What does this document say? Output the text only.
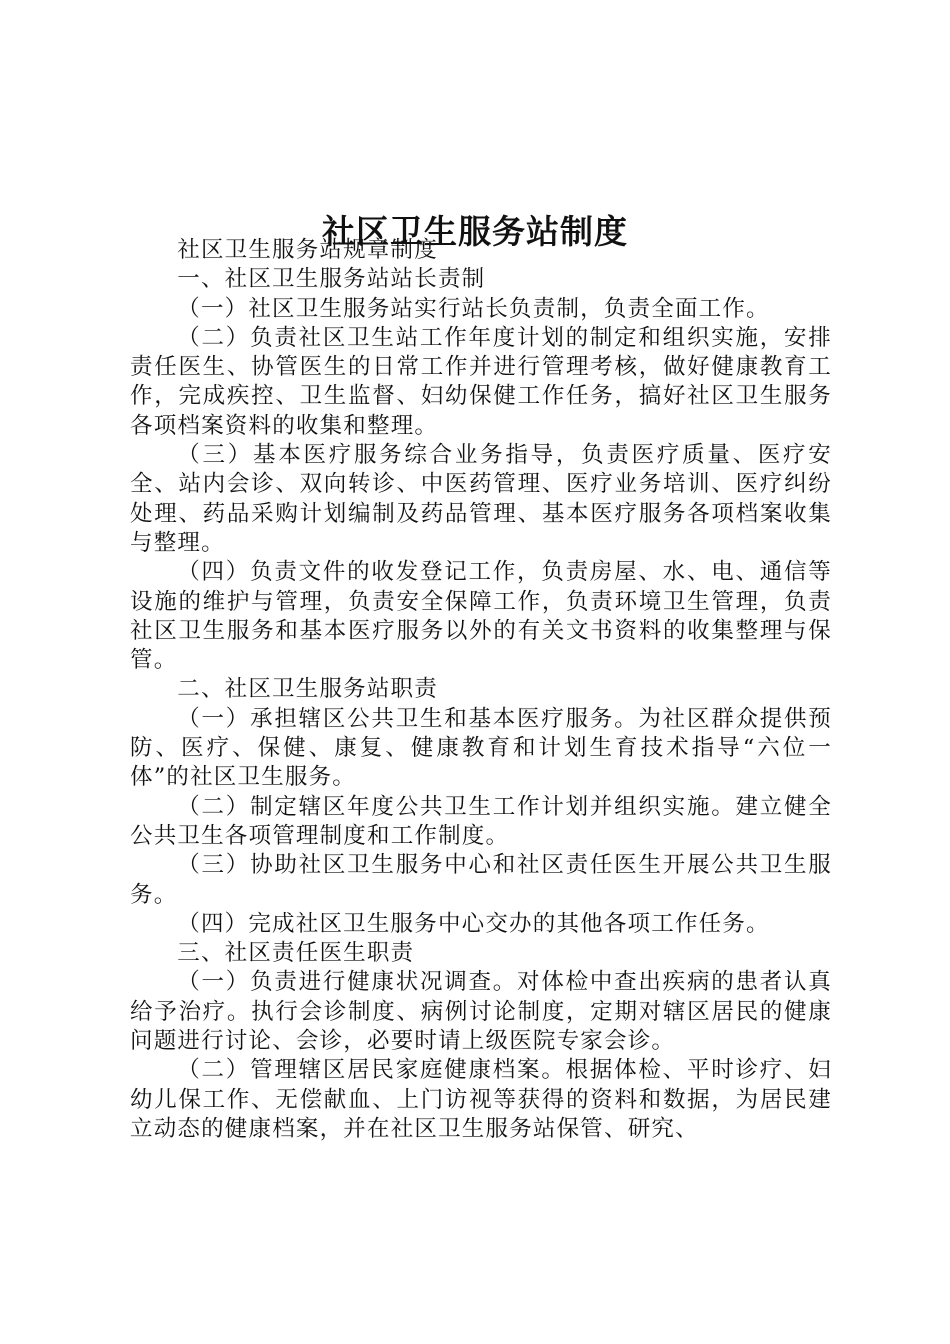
社区卫生服务站制度

社区卫生服务站规章制度

一、社区卫生服务站站长责制

（一）社区卫生服务站实行站长负责制，负责全面工作。

（二）负责社区卫生站工作年度计划的制定和组织实施，安排责任医生、协管医生的日常工作并进行管理考核，做好健康教育工作，完成疾控、卫生监督、妇幼保健工作任务，搞好社区卫生服务各项档案资料的收集和整理。

（三）基本医疗服务综合业务指导，负责医疗质量、医疗安全、站内会诊、双向转诊、中医药管理、医疗业务培训、医疗纠纷处理、药品采购计划编制及药品管理、基本医疗服务各项档案收集与整理。

（四）负责文件的收发登记工作，负责房屋、水、电、通信等设施的维护与管理，负责安全保障工作，负责环境卫生管理，负责社区卫生服务和基本医疗服务以外的有关文书资料的收集整理与保管。

二、社区卫生服务站职责

（一）承担辖区公共卫生和基本医疗服务。为社区群众提供预防、医疗、保健、康复、健康教育和计划生育技术指导“六位一体”的社区卫生服务。

（二）制定辖区年度公共卫生工作计划并组织实施。建立健全公共卫生各项管理制度和工作制度。

（三）协助社区卫生服务中心和社区责任医生开展公共卫生服务。

（四）完成社区卫生服务中心交办的其他各项工作任务。

三、社区责任医生职责

（一）负责进行健康状况调查。对体检中查出疾病的患者认真给予治疗。执行会诊制度、病例讨论制度，定期对辖区居民的健康问题进行讨论、会诊，必要时请上级医院专家会诊。

（二）管理辖区居民家庭健康档案。根据体检、平时诊疗、妇幼儿保工作、无偿献血、上门访视等获得的资料和数据，为居民建立动态的健康档案，并在社区卫生服务站保管、研究、
